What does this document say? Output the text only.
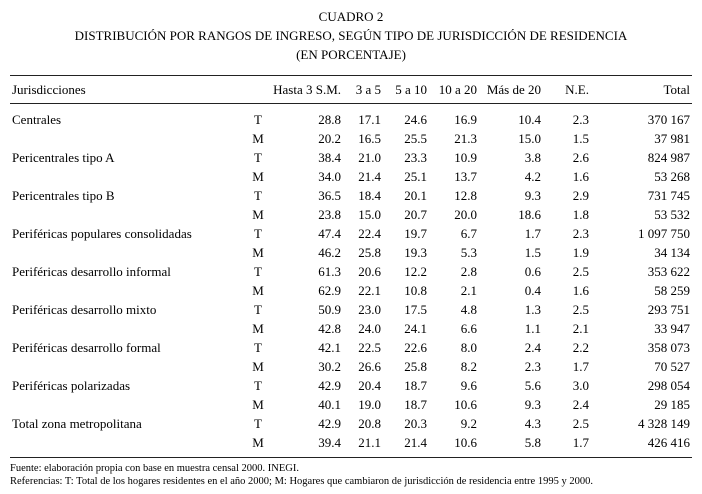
CUADRO 2
DISTRIBUCIÓN POR RANGOS DE INGRESO, SEGÚN TIPO DE JURISDICCIÓN DE RESIDENCIA
(EN PORCENTAJE)
Jurisdicciones		Hasta 3 S.M.	3 a 5	5 a 10	10 a 20	Más de 20	N.E.	Total
Centrales	T	28.8	17.1	24.6	16.9	10.4	2.3	370 167
	M	20.2	16.5	25.5	21.3	15.0	1.5	37 981
Pericentrales tipo A	T	38.4	21.0	23.3	10.9	3.8	2.6	824 987
	M	34.0	21.4	25.1	13.7	4.2	1.6	53 268
Pericentrales tipo B	T	36.5	18.4	20.1	12.8	9.3	2.9	731 745
	M	23.8	15.0	20.7	20.0	18.6	1.8	53 532
Periféricas populares consolidadas	T	47.4	22.4	19.7	6.7	1.7	2.3	1 097 750
	M	46.2	25.8	19.3	5.3	1.5	1.9	34 134
Periféricas desarrollo informal	T	61.3	20.6	12.2	2.8	0.6	2.5	353 622
	M	62.9	22.1	10.8	2.1	0.4	1.6	58 259
Periféricas desarrollo mixto	T	50.9	23.0	17.5	4.8	1.3	2.5	293 751
	M	42.8	24.0	24.1	6.6	1.1	2.1	33 947
Periféricas desarrollo formal	T	42.1	22.5	22.6	8.0	2.4	2.2	358 073
	M	30.2	26.6	25.8	8.2	2.3	1.7	70 527
Periféricas polarizadas	T	42.9	20.4	18.7	9.6	5.6	3.0	298 054
	M	40.1	19.0	18.7	10.6	9.3	2.4	29 185
Total zona metropolitana	T	42.9	20.8	20.3	9.2	4.3	2.5	4 328 149
	M	39.4	21.1	21.4	10.6	5.8	1.7	426 416
Fuente: elaboración propia con base en muestra censal 2000. INEGI.
Referencias: T: Total de los hogares residentes en el año 2000; M: Hogares que cambiaron de jurisdicción de residencia entre 1995 y 2000.
